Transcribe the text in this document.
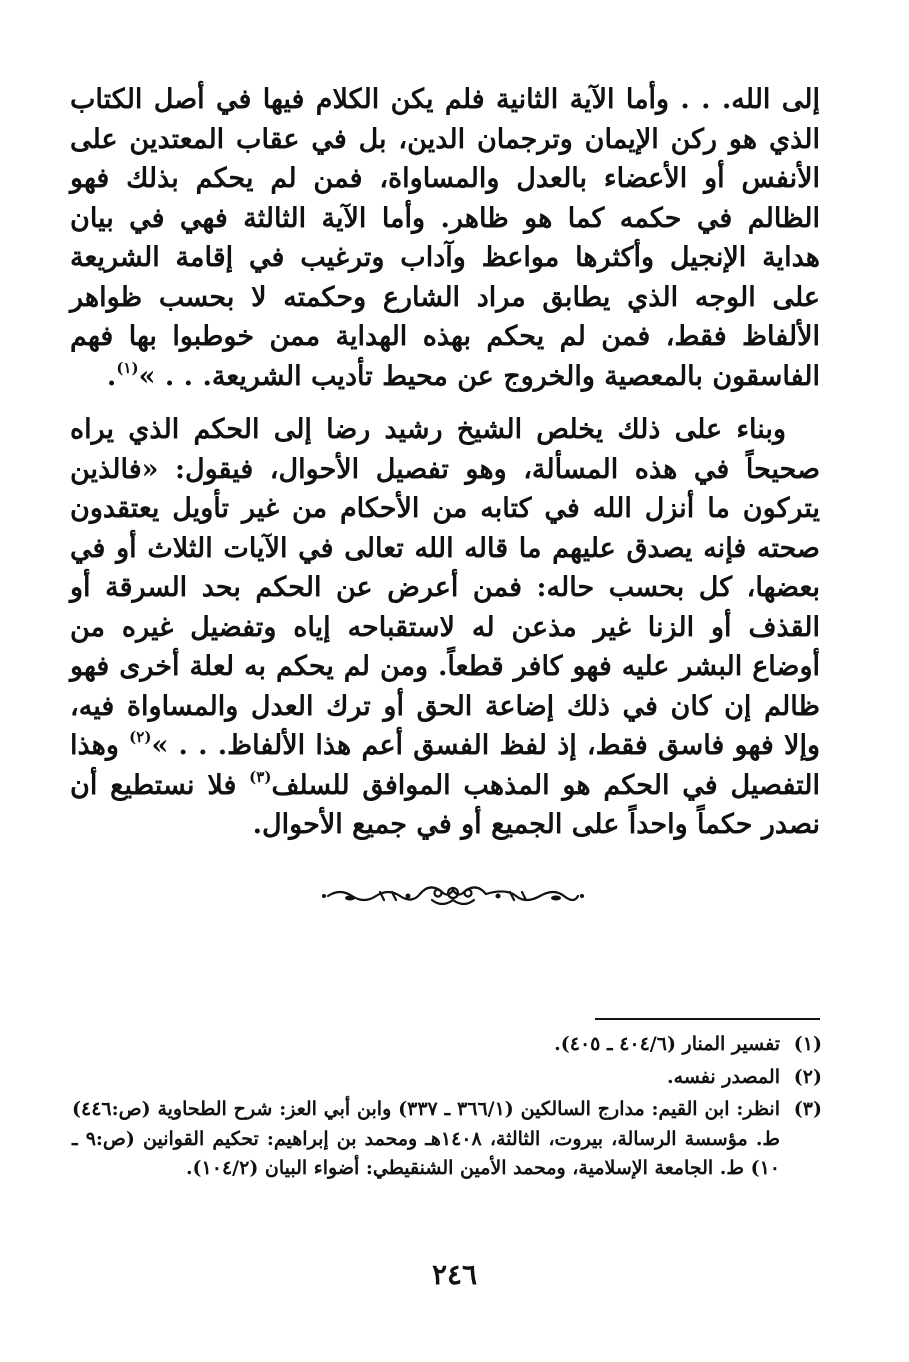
إلى الله. . . وأما الآية الثانية فلم يكن الكلام فيها في أصل الكتاب الذي هو ركن الإيمان وترجمان الدين، بل في عقاب المعتدين على الأنفس أو الأعضاء بالعدل والمساواة، فمن لم يحكم بذلك فهو الظالم في حكمه كما هو ظاهر. وأما الآية الثالثة فهي في بيان هداية الإنجيل وأكثرها مواعظ وآداب وترغيب في إقامة الشريعة على الوجه الذي يطابق مراد الشارع وحكمته لا بحسب ظواهر الألفاظ فقط، فمن لم يحكم بهذه الهداية ممن خوطبوا بها فهم الفاسقون بالمعصية والخروج عن محيط تأديب الشريعة. . . »$^{(١)}$.

وبناء على ذلك يخلص الشيخ رشيد رضا إلى الحكم الذي يراه صحيحاً في هذه المسألة، وهو تفصيل الأحوال، فيقول: «فالذين يتركون ما أنزل الله في كتابه من الأحكام من غير تأويل يعتقدون صحته فإنه يصدق عليهم ما قاله الله تعالى في الآيات الثلاث أو في بعضها، كل بحسب حاله: فمن أعرض عن الحكم بحد السرقة أو القذف أو الزنا غير مذعن له لاستقباحه إياه وتفضيل غيره من أوضاع البشر عليه فهو كافر قطعاً. ومن لم يحكم به لعلة أخرى فهو ظالم إن كان في ذلك إضاعة الحق أو ترك العدل والمساواة فيه، وإلا فهو فاسق فقط، إذ لفظ الفسق أعم هذا الألفاظ. . . »$^{(٢)}$ وهذا التفصيل في الحكم هو المذهب الموافق للسلف$^{(٣)}$ فلا نستطيع أن نصدر حكماً واحداً على الجميع أو في جميع الأحوال.

(١)
تفسير المنار (٤٠٤/٦ ـ ٤٠٥).
(٢)
المصدر نفسه.
(٣)
انظر: ابن القيم: مدارج السالكين (٣٦٦/١ ـ ٣٣٧) وابن أبي العز: شرح الطحاوية (ص:٤٤٦) ط. مؤسسة الرسالة، بيروت، الثالثة، ١٤٠٨هـ ومحمد بن إبراهيم: تحكيم القوانين (ص:٩ ـ ١٠) ط. الجامعة الإسلامية، ومحمد الأمين الشنقيطي: أضواء البيان (١٠٤/٢).
٢٤٦
